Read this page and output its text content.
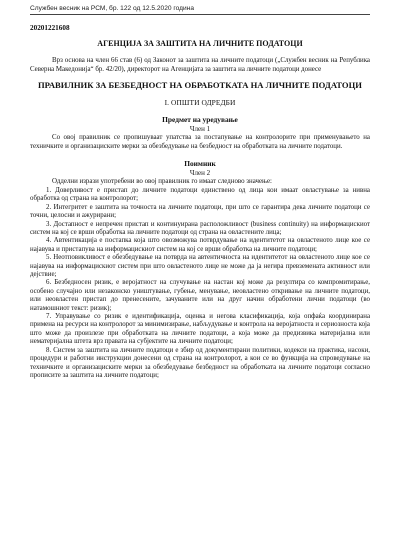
Службен весник на РСМ, бр. 122 од 12.5.2020 година
20201221608

АГЕНЦИЈА ЗА ЗАШТИТА НА ЛИЧНИТЕ ПОДАТОЦИ

Врз основа на член 66 став (6) од Законот за заштита на личните податоци („Службен весник на Република Северна Македонија“ бр. 42/20), директорот на Агенцијата за заштита на личните податоци донесе

ПРАВИЛНИК ЗА БЕЗБЕДНОСТ НА ОБРАБОТКАТА НА ЛИЧНИТЕ ПОДАТОЦИ

I. ОПШТИ ОДРЕДБИ

Предмет на уредување

Член 1

Со овој правилник се пропишуваат упатства за постапување на контролорите при применувањето на техничките и организациските мерки за обезбедување на безбедност на обработката на личните податоци.

Поимник

Член 2

Одделни изрази употребени во овој правилник го имаат следново значење:

1. Доверливост е пристап до личните податоци единствено од лица кои имаат овластување за нивна обработка од страна на контролорот;
2. Интегритет е заштита на точноста на личните податоци, при што се гарантира дека личните податоци се точни, целосни и ажурирани;
3. Достапност е непречен пристап и континуирана расположливост (business continuity) на информацискиот систем на кој се врши обработка на личните податоци од страна на овластените лица;
4. Автентикација е постапка која што овозможува потврдување на идентитетот на овластеното лице кое се најавува и пристапува на информацискиот систем на кој се врши обработка на личните податоци;
5. Неотповикливост е обезбедување на потврда на автентичноста на идентитетот на овластеното лице кое се најавува на информацискиот систем при што овластеното лице не може да ја негира превземената активност или дејствие;
6. Безбедносен ризик, е веројатност на случување на настан кој може да резултира со компромитирање, особено случајно или незаконско уништување, губење, менување, неовластено откривање на личните податоци, или неовластен пристап до пренесените, зачуваните или на друг начин обработени лични податоци (во натамошниот текст: ризик);
7. Управување со ризик е идентификација, оценка и негова класификација, која опфаќа координирана примена на ресурси на контролорот за минимизирање, набљудување и контрола на веројатноста и сериозноста која што може да произлезе при обработката на личните податоци, а која може да предизвика материјална или нематеријална штета врз правата на субјектите на личните податоци;
8. Систем за заштита на личните податоци е збир од документирани политики, кодекси на практика, насоки, процедури и работни инструкции донесени од страна на контролорот, а кои се во функција на спроведување на техничките и организациските мерки за обезбедување безбедност на обработката на личните податоци согласно прописите за заштита на личните податоци;
